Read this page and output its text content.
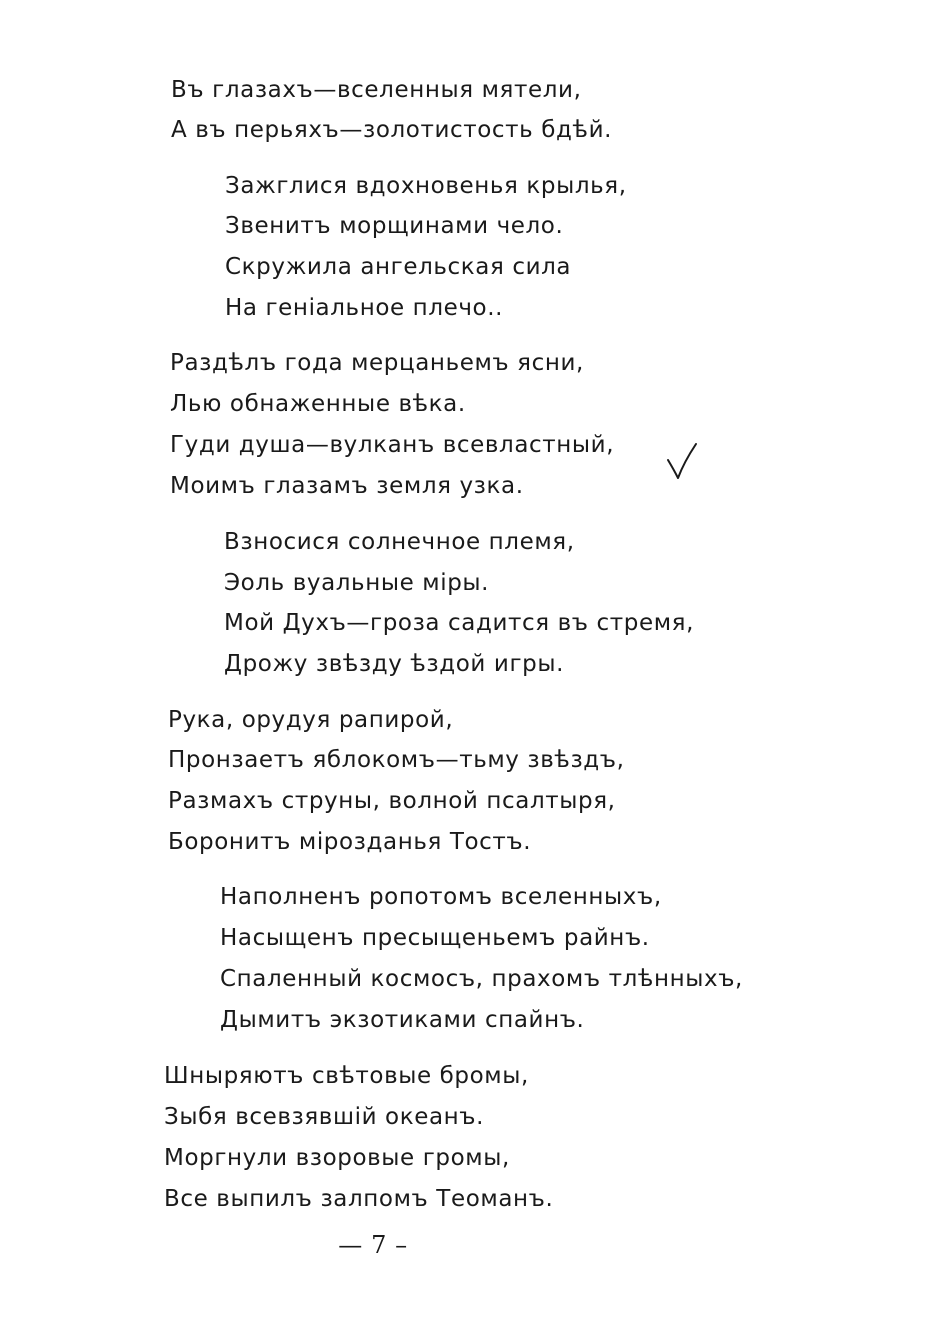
Въ глазахъ—вселенныя мятели,
А въ перьяхъ—золотистость бдѣй.
Зажглися вдохновенья крылья,
Звенитъ морщинами чело.
Скружила ангельская сила
На геніальное плечо..
Раздѣлъ года мерцаньемъ ясни,
Лью обнаженные вѣка.
Гуди душа—вулканъ всевластный,
Моимъ глазамъ земля узка.
Взносися солнечное племя,
Эоль вуальные міры.
Мой Духъ—гроза садится въ стремя,
Дрожу звѣзду ѣздой игры.
Рука, орудуя рапирой,
Пронзаетъ яблокомъ—тьму звѣздъ,
Размахъ струны, волной псалтыря,
Боронитъ мірозданья Тостъ.
Наполненъ ропотомъ вселенныхъ,
Насыщенъ пресыщеньемъ райнъ.
Спаленный космосъ, прахомъ тлѣнныхъ,
Дымитъ экзотиками спайнъ.
Шныряютъ свѣтовые бромы,
Зыбя всевзявшій океанъ.
Моргнули взоровые громы,
Все выпилъ залпомъ Теоманъ.
— 7 –
